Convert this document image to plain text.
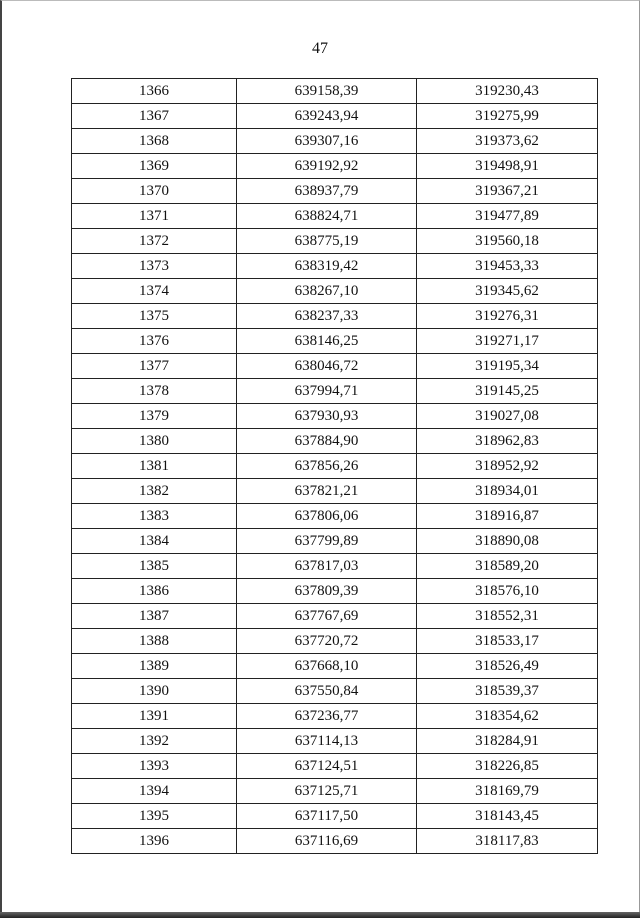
47
1366	639158,39	319230,43
1367	639243,94	319275,99
1368	639307,16	319373,62
1369	639192,92	319498,91
1370	638937,79	319367,21
1371	638824,71	319477,89
1372	638775,19	319560,18
1373	638319,42	319453,33
1374	638267,10	319345,62
1375	638237,33	319276,31
1376	638146,25	319271,17
1377	638046,72	319195,34
1378	637994,71	319145,25
1379	637930,93	319027,08
1380	637884,90	318962,83
1381	637856,26	318952,92
1382	637821,21	318934,01
1383	637806,06	318916,87
1384	637799,89	318890,08
1385	637817,03	318589,20
1386	637809,39	318576,10
1387	637767,69	318552,31
1388	637720,72	318533,17
1389	637668,10	318526,49
1390	637550,84	318539,37
1391	637236,77	318354,62
1392	637114,13	318284,91
1393	637124,51	318226,85
1394	637125,71	318169,79
1395	637117,50	318143,45
1396	637116,69	318117,83
